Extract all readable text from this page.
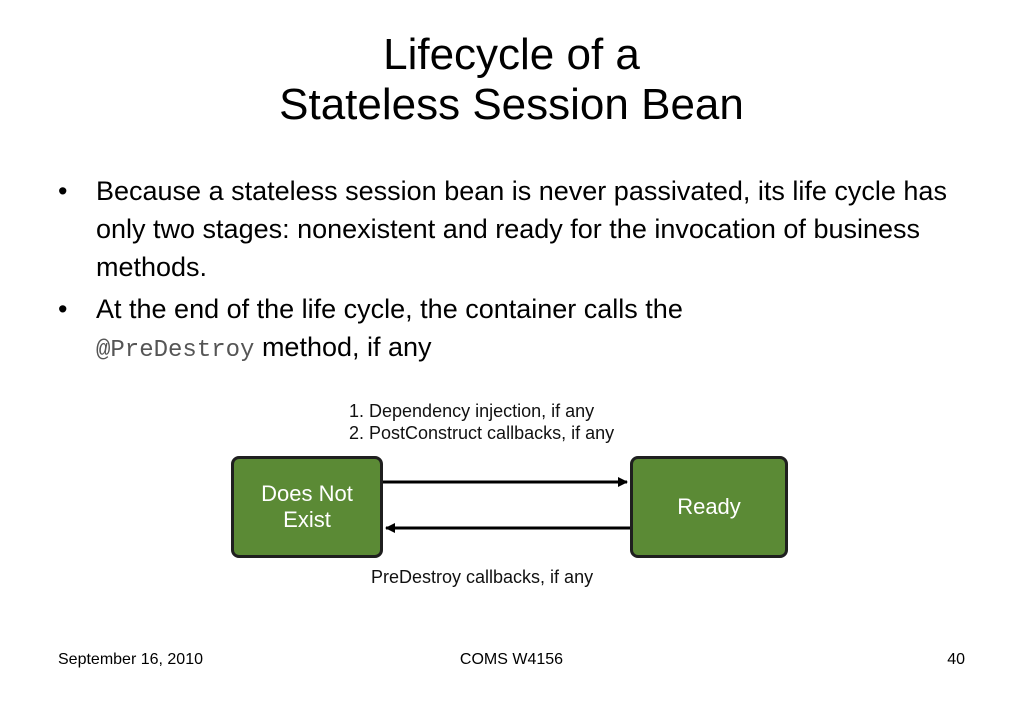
Lifecycle of a
Stateless Session Bean
• Because a stateless session bean is never passivated, its life cycle has only two stages: nonexistent and ready for the invocation of business methods.
• At the end of the life cycle, the container calls the
@PreDestroy method, if any
1. Dependency injection, if any
2. PostConstruct callbacks, if any
Does Not
Exist
Ready
PreDestroy callbacks, if any
September 16, 2010	COMS W4156	40
